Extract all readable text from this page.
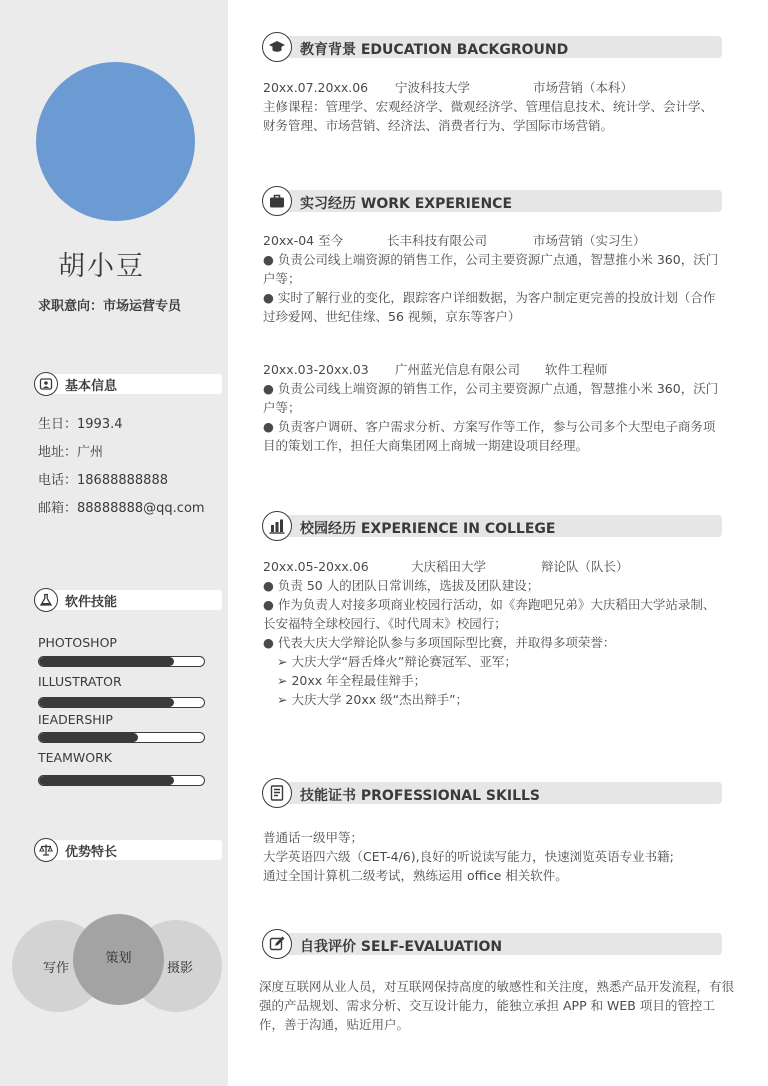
胡小豆
求职意向：市场运营专员
基本信息
生日：1993.4
地址：广州
电话：18688888888
邮箱：88888888@qq.com
软件技能
PHOTOSHOP
ILLUSTRATOR
IEADERSHIP
TEAMWORK
优势特长
写作	摄影
策划
教育背景 EDUCATION BACKGROUND
20xx.07.20xx.06 宁波科技大学	市场营销（本科）
主修课程：管理学、宏观经济学、微观经济学、管理信息技术、统计学、会计学、财务管理、市场营销、经济法、消费者行为、学国际市场营销。
实习经历 WORK EXPERIENCE
20xx-04 至今	长丰科技有限公司	市场营销（实习生）
● 负责公司线上端资源的销售工作，公司主要资源广点通，智慧推小米 360，沃门户等；
● 实时了解行业的变化，跟踪客户详细数据，为客户制定更完善的投放计划（合作过珍爱网、世纪佳缘、56 视频，京东等客户）
20xx.03-20xx.03 广州蓝光信息有限公司 软件工程师
● 负责公司线上端资源的销售工作，公司主要资源广点通，智慧推小米 360，沃门户等；
● 负责客户调研、客户需求分析、方案写作等工作，参与公司多个大型电子商务项目的策划工作，担任大商集团网上商城一期建设项目经理。
校园经历 EXPERIENCE IN COLLEGE
20xx.05-20xx.06	大庆稻田大学	辩论队（队长）
● 负责 50 人的团队日常训练，选拔及团队建设；
● 作为负责人对接多项商业校园行活动，如《奔跑吧兄弟》大庆稻田大学站录制、长安福特全球校园行、《时代周末》校园行；
● 代表大庆大学辩论队参与多项国际型比赛，并取得多项荣誉：
➢ 大庆大学“唇舌烽火”辩论赛冠军、亚军；
➢ 20xx 年全程最佳辩手；
➢ 大庆大学 20xx 级“杰出辩手”；
技能证书 PROFESSIONAL SKILLS
普通话一级甲等；
大学英语四六级（CET-4/6),良好的听说读写能力，快速浏览英语专业书籍;
通过全国计算机二级考试，熟练运用 office 相关软件。
自我评价 SELF-EVALUATION
深度互联网从业人员，对互联网保持高度的敏感性和关注度，熟悉产品开发流程，有很强的产品规划、需求分析、交互设计能力，能独立承担 APP 和 WEB 项目的管控工作，善于沟通，贴近用户。
